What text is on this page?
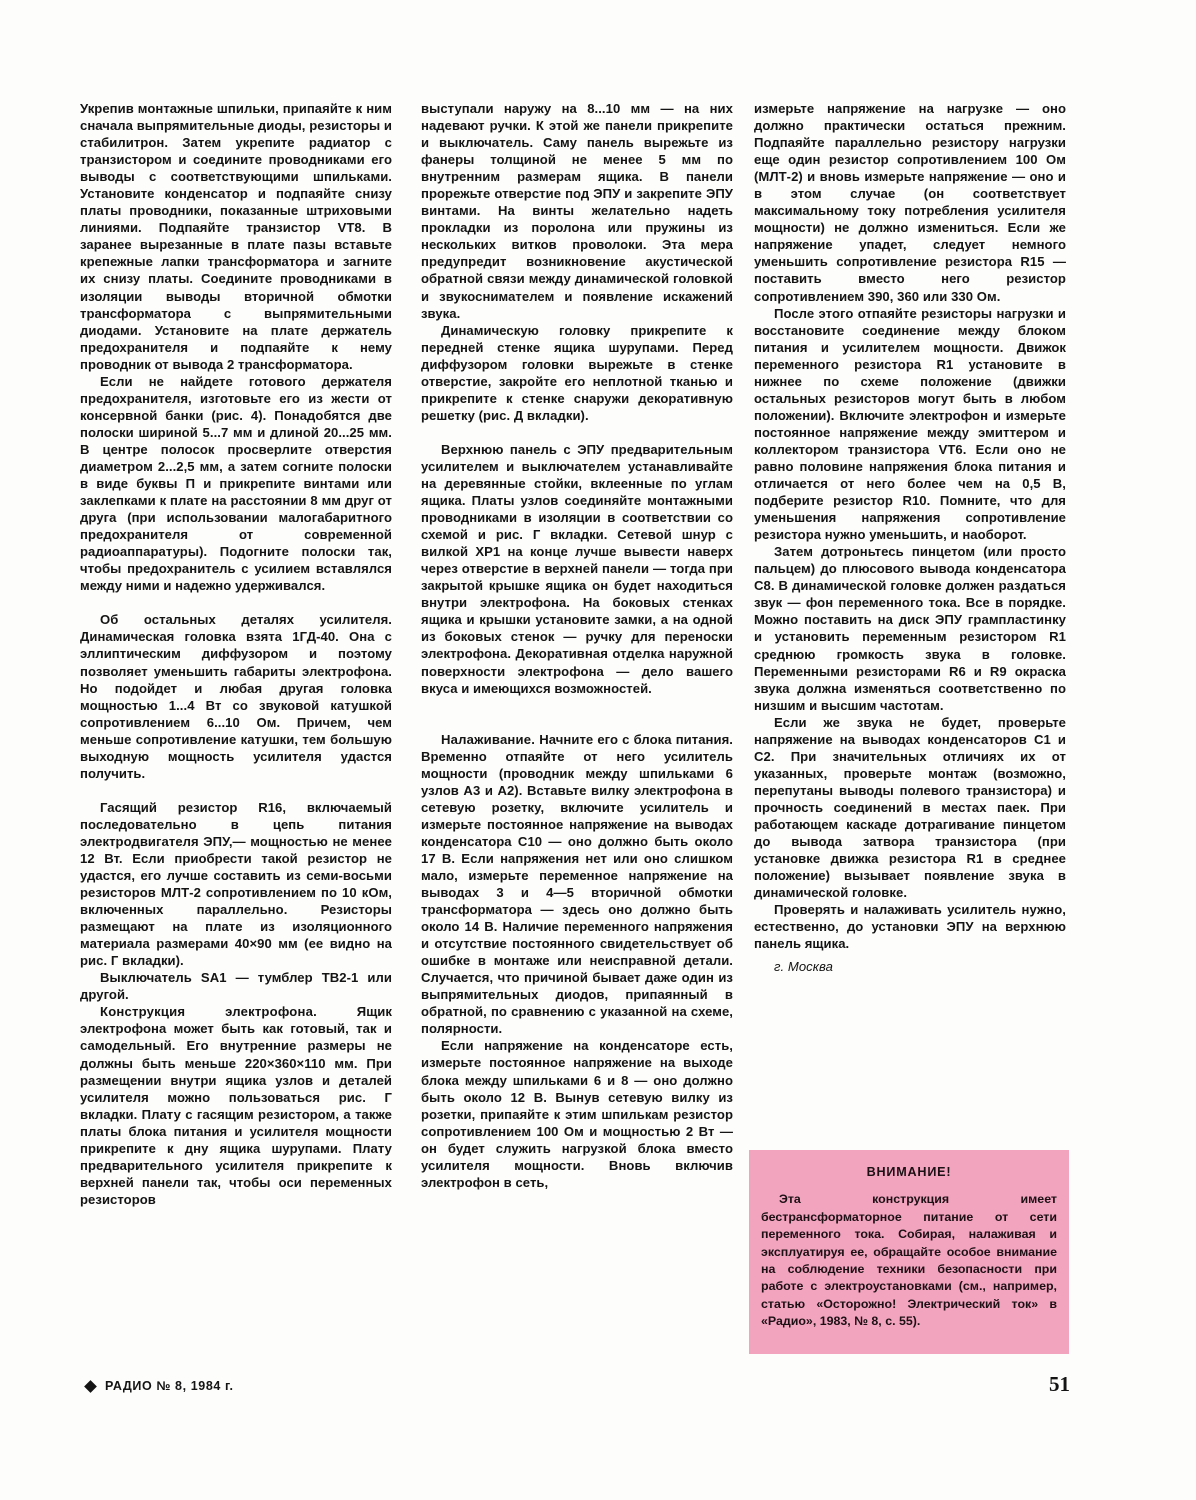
Укрепив монтажные шпильки, припаяйте к ним сначала выпрямительные диоды, резисторы и стабилитрон. Затем укрепите радиатор с транзистором и соедините проводниками его выводы с соответствующими шпильками. Установите конденсатор и подпаяйте снизу платы проводники, показанные штриховыми линиями. Подпаяйте транзистор VT8. В заранее вырезанные в плате пазы вставьте крепежные лапки трансформатора и загните их снизу платы. Соедините проводниками в изоляции выводы вторичной обмотки трансформатора с выпрямительными диодами. Установите на плате держатель предохранителя и подпаяйте к нему проводник от вывода 2 трансформатора.

Если не найдете готового держателя предохранителя, изготовьте его из жести от консервной банки (рис. 4). Понадобятся две полоски шириной 5...7 мм и длиной 20...25 мм. В центре полосок просверлите отверстия диаметром 2...2,5 мм, а затем согните полоски в виде буквы П и прикрепите винтами или заклепками к плате на расстоянии 8 мм друг от друга (при использовании малогабаритного предохранителя от современной радиоаппаратуры). Подогните полоски так, чтобы предохранитель с усилием вставлялся между ними и надежно удерживался.

Об остальных деталях усилителя. Динамическая головка взята 1ГД-40. Она с эллиптическим диффузором и поэтому позволяет уменьшить габариты электрофона. Но подойдет и любая другая головка мощностью 1...4 Вт со звуковой катушкой сопротивлением 6...10 Ом. Причем, чем меньше сопротивление катушки, тем большую выходную мощность усилителя удастся получить.

Гасящий резистор R16, включаемый последовательно в цепь питания электродвигателя ЭПУ,— мощностью не менее 12 Вт. Если приобрести такой резистор не удастся, его лучше составить из семи-восьми резисторов МЛТ-2 сопротивлением по 10 кОм, включенных параллельно. Резисторы размещают на плате из изоляционного материала размерами 40×90 мм (ее видно на рис. Г вкладки).

Выключатель SA1 — тумблер ТВ2-1 или другой.

Конструкция электрофона. Ящик электрофона может быть как готовый, так и самодельный. Его внутренние размеры не должны быть меньше 220×360×110 мм. При размещении внутри ящика узлов и деталей усилителя можно пользоваться рис. Г вкладки. Плату с гасящим резистором, а также платы блока питания и усилителя мощности прикрепите к дну ящика шурупами. Плату предварительного усилителя прикрепите к верхней панели так, чтобы оси переменных резисторов

выступали наружу на 8...10 мм — на них надевают ручки. К этой же панели прикрепите и выключатель. Саму панель вырежьте из фанеры толщиной не менее 5 мм по внутренним размерам ящика. В панели прорежьте отверстие под ЭПУ и закрепите ЭПУ винтами. На винты желательно надеть прокладки из поролона или пружины из нескольких витков проволоки. Эта мера предупредит возникновение акустической обратной связи между динамической головкой и звукоснимателем и появление искажений звука.

Динамическую головку прикрепите к передней стенке ящика шурупами. Перед диффузором головки вырежьте в стенке отверстие, закройте его неплотной тканью и прикрепите к стенке снаружи декоративную решетку (рис. Д вкладки).

Верхнюю панель с ЭПУ предварительным усилителем и выключателем устанавливайте на деревянные стойки, вклеенные по углам ящика. Платы узлов соединяйте монтажными проводниками в изоляции в соответствии со схемой и рис. Г вкладки. Сетевой шнур с вилкой ХР1 на конце лучше вывести наверх через отверстие в верхней панели — тогда при закрытой крышке ящика он будет находиться внутри электрофона. На боковых стенках ящика и крышки установите замки, а на одной из боковых стенок — ручку для переноски электрофона. Декоративная отделка наружной поверхности электрофона — дело вашего вкуса и имеющихся возможностей.

Налаживание. Начните его с блока питания. Временно отпаяйте от него усилитель мощности (проводник между шпильками 6 узлов А3 и А2). Вставьте вилку электрофона в сетевую розетку, включите усилитель и измерьте постоянное напряжение на выводах конденсатора С10 — оно должно быть около 17 В. Если напряжения нет или оно слишком мало, измерьте переменное напряжение на выводах 3 и 4—5 вторичной обмотки трансформатора — здесь оно должно быть около 14 В. Наличие переменного напряжения и отсутствие постоянного свидетельствует об ошибке в монтаже или неисправной детали. Случается, что причиной бывает даже один из выпрямительных диодов, припаянный в обратной, по сравнению с указанной на схеме, полярности.

Если напряжение на конденсаторе есть, измерьте постоянное напряжение на выходе блока между шпильками 6 и 8 — оно должно быть около 12 В. Вынув сетевую вилку из розетки, припаяйте к этим шпилькам резистор сопротивлением 100 Ом и мощностью 2 Вт — он будет служить нагрузкой блока вместо усилителя мощности. Вновь включив электрофон в сеть,

измерьте напряжение на нагрузке — оно должно практически остаться прежним. Подпаяйте параллельно резистору нагрузки еще один резистор сопротивлением 100 Ом (МЛТ-2) и вновь измерьте напряжение — оно и в этом случае (он соответствует максимальному току потребления усилителя мощности) не должно измениться. Если же напряжение упадет, следует немного уменьшить сопротивление резистора R15 — поставить вместо него резистор сопротивлением 390, 360 или 330 Ом.

После этого отпаяйте резисторы нагрузки и восстановите соединение между блоком питания и усилителем мощности. Движок переменного резистора R1 установите в нижнее по схеме положение (движки остальных резисторов могут быть в любом положении). Включите электрофон и измерьте постоянное напряжение между эмиттером и коллектором транзистора VT6. Если оно не равно половине напряжения блока питания и отличается от него более чем на 0,5 В, подберите резистор R10. Помните, что для уменьшения напряжения сопротивление резистора нужно уменьшить, и наоборот.

Затем дотроньтесь пинцетом (или просто пальцем) до плюсового вывода конденсатора С8. В динамической головке должен раздаться звук — фон переменного тока. Все в порядке. Можно поставить на диск ЭПУ грампластинку и установить переменным резистором R1 среднюю громкость звука в головке. Переменными резисторами R6 и R9 окраска звука должна изменяться соответственно по низшим и высшим частотам.

Если же звука не будет, проверьте напряжение на выводах конденсаторов С1 и С2. При значительных отличиях их от указанных, проверьте монтаж (возможно, перепутаны выводы полевого транзистора) и прочность соединений в местах паек. При работающем каскаде дотрагивание пинцетом до вывода затвора транзистора (при установке движка резистора R1 в среднее положение) вызывает появление звука в динамической головке.

Проверять и налаживать усилитель нужно, естественно, до установки ЭПУ на верхнюю панель ящика.

г. Москва

ВНИМАНИЕ!
Эта конструкция имеет бестрансформаторное питание от сети переменного тока. Собирая, налаживая и эксплуатируя ее, обращайте особое внимание на соблюдение техники безопасности при работе с электроустановками (см., например, статью «Осторожно! Электрический ток» в «Радио», 1983, № 8, с. 55).
РАДИО № 8, 1984 г.	51
